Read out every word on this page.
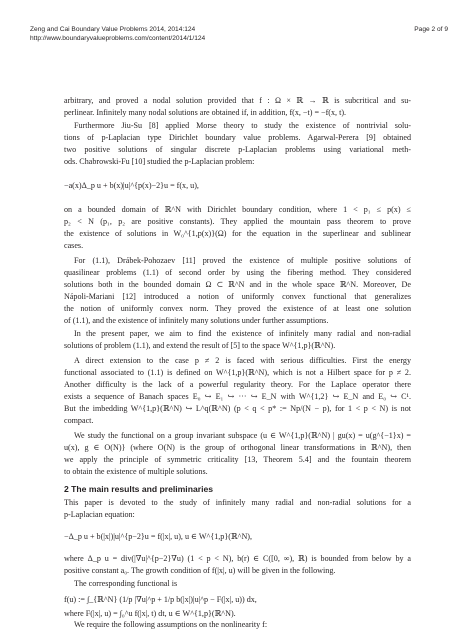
Zeng and Cai Boundary Value Problems 2014, 2014:124
http://www.boundaryvalueproblems.com/content/2014/1/124
Page 2 of 9
arbitrary, and proved a nodal solution provided that f : Ω × ℝ → ℝ is subcritical and su-
perlinear. Infinitely many nodal solutions are obtained if, in addition, f(x, −t) = −f(x, t).
Furthermore Jiu-Su [8] applied Morse theory to study the existence of nontrivial solu-
tions of p-Laplacian type Dirichlet boundary value problems. Agarwal-Perera [9] obtained
two positive solutions of singular discrete p-Laplacian problems using variational meth-
ods. Chabrowski-Fu [10] studied the p-Laplacian problem:
−a(x)Δ_p u + b(x)|u|^{p(x)−2}u = f(x, u),
on a bounded domain of ℝ^N with Dirichlet boundary condition, where 1 < p₁ ≤ p(x) ≤
p₂ < N (p₁, p₂ are positive constants). They applied the mountain pass theorem to prove
the existence of solutions in W₀^{1,p(x)}(Ω) for the equation in the superlinear and sublinear
cases.
For (1.1), Drábek-Pohozaev [11] proved the existence of multiple positive solutions of
quasilinear problems (1.1) of second order by using the fibering method. They considered
solutions both in the bounded domain Ω ⊂ ℝ^N and in the whole space ℝ^N. Moreover, De
Nápoli-Mariani [12] introduced a notion of uniformly convex functional that generalizes
the notion of uniformly convex norm. They proved the existence of at least one solution
of (1.1), and the existence of infinitely many solutions under further assumptions.
In the present paper, we aim to find the existence of infinitely many radial and non-radial
solutions of problem (1.1), and extend the result of [5] to the space W^{1,p}(ℝ^N).
A direct extension to the case p ≠ 2 is faced with serious difficulties. First the energy
functional associated to (1.1) is defined on W^{1,p}(ℝ^N), which is not a Hilbert space for p ≠ 2.
Another difficulty is the lack of a powerful regularity theory. For the Laplace operator there
exists a sequence of Banach spaces E₀ ↪ E₁ ↪ ··· ↪ E_N with W^{1,2} ↪ E_N and E₀ ↪ C¹.
But the imbedding W^{1,p}(ℝ^N) ↪ L^q(ℝ^N) (p < q < p* := Np/(N − p), for 1 < p < N) is not
compact.
We study the functional on a group invariant subspace (u ∈ W^{1,p}(ℝ^N) | gu(x) = u(g^{−1}x) =
u(x), g ∈ O(N)} (where O(N) is the group of orthogonal linear transformations in ℝ^N), then
we apply the principle of symmetric criticality [13, Theorem 5.4] and the fountain theorem
to obtain the existence of multiple solutions.
2 The main results and preliminaries
This paper is devoted to the study of infinitely many radial and non-radial solutions for a
p-Laplacian equation:
−Δ_p u + b(|x|)|u|^{p−2}u = f(|x|, u), u ∈ W^{1,p}(ℝ^N),
where Δ_p u = div(|∇u|^{p−2}∇u) (1 < p < N), b(r) ∈ C([0, ∞), ℝ) is bounded from below by a
positive constant a₀. The growth condition of f(|x|, u) will be given in the following.
The corresponding functional is
f(u) := ∫_{ℝ^N} (1/p |∇u|^p + 1/p b(|x|)|u|^p − F(|x|, u)) dx,
where F(|x|, u) = ∫₀^u f(|x|, t) dt, u ∈ W^{1,p}(ℝ^N).
We require the following assumptions on the nonlinearity f:
